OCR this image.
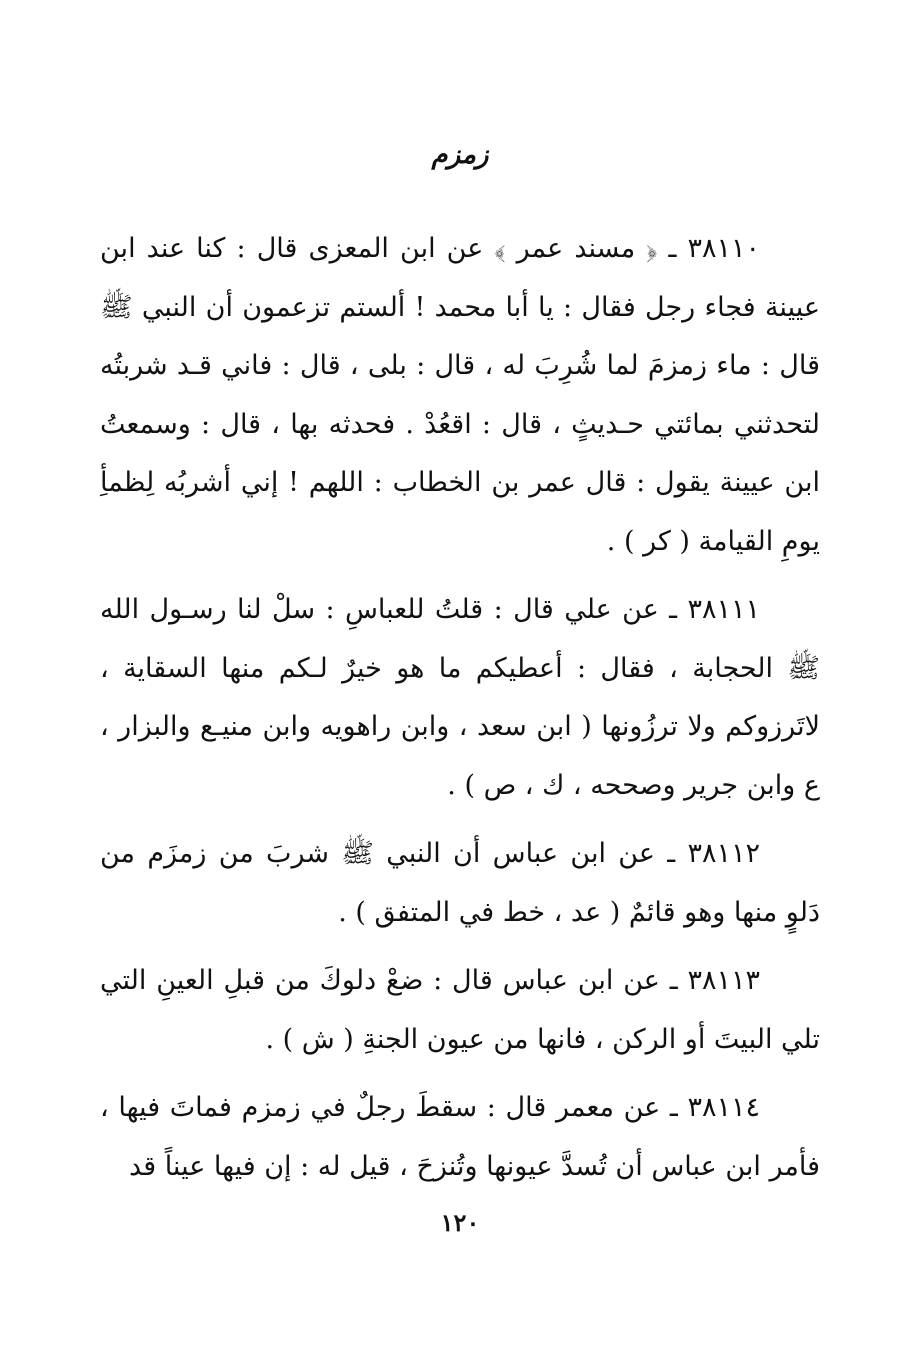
زمزم

٣٨١١٠ ـ ﴿ مسند عمر ﴾ عن ابن المعزى قال : كنا عند ابن عيينة فجاء رجل فقال : يا أبا محمد ! ألستم تزعمون أن النبي ﷺ قال : ماء زمزمَ لما شُرِبَ له ، قال : بلى ، قال : فاني قـد شربتُه لتحدثني بمائتي حـديثٍ ، قال : اقعُدْ . فحدثه بها ، قال : وسمعتُ ابن عيينة يقول : قال عمر بن الخطاب : اللهم ! إني أشربُه لِظمأِ يومِ القيامة ( كر ) .

٣٨١١١ ـ عن علي قال : قلتُ للعباسِ : سلْ لنا رسـول الله ﷺ الحجابة ، فقال : أعطيكم ما هو خيرٌ لـكم منها السقاية ، لاتَرزوكم ولا ترزُونها ( ابن سعد ، وابن راهويه وابن منيـع والبزار ، ع وابن جرير وصححه ، ك ، ص ) .

٣٨١١٢ ـ عن ابن عباس أن النبي ﷺ شربَ من زمزَم من دَلوٍ منها وهو قائمٌ ( عد ، خط في المتفق ) .

٣٨١١٣ ـ عن ابن عباس قال : ضعْ دلوكَ من قبلِ العينِ التي تلي البيتَ أو الركن ، فانها من عيون الجنةِ ( ش ) .

٣٨١١٤ ـ عن معمر قال : سقطَ رجلٌ في زمزم فماتَ فيها ، فأمر ابن عباس أن تُسدَّ عيونها وتُنزحَ ، قيل له : إن فيها عيناً قد

١٢٠
